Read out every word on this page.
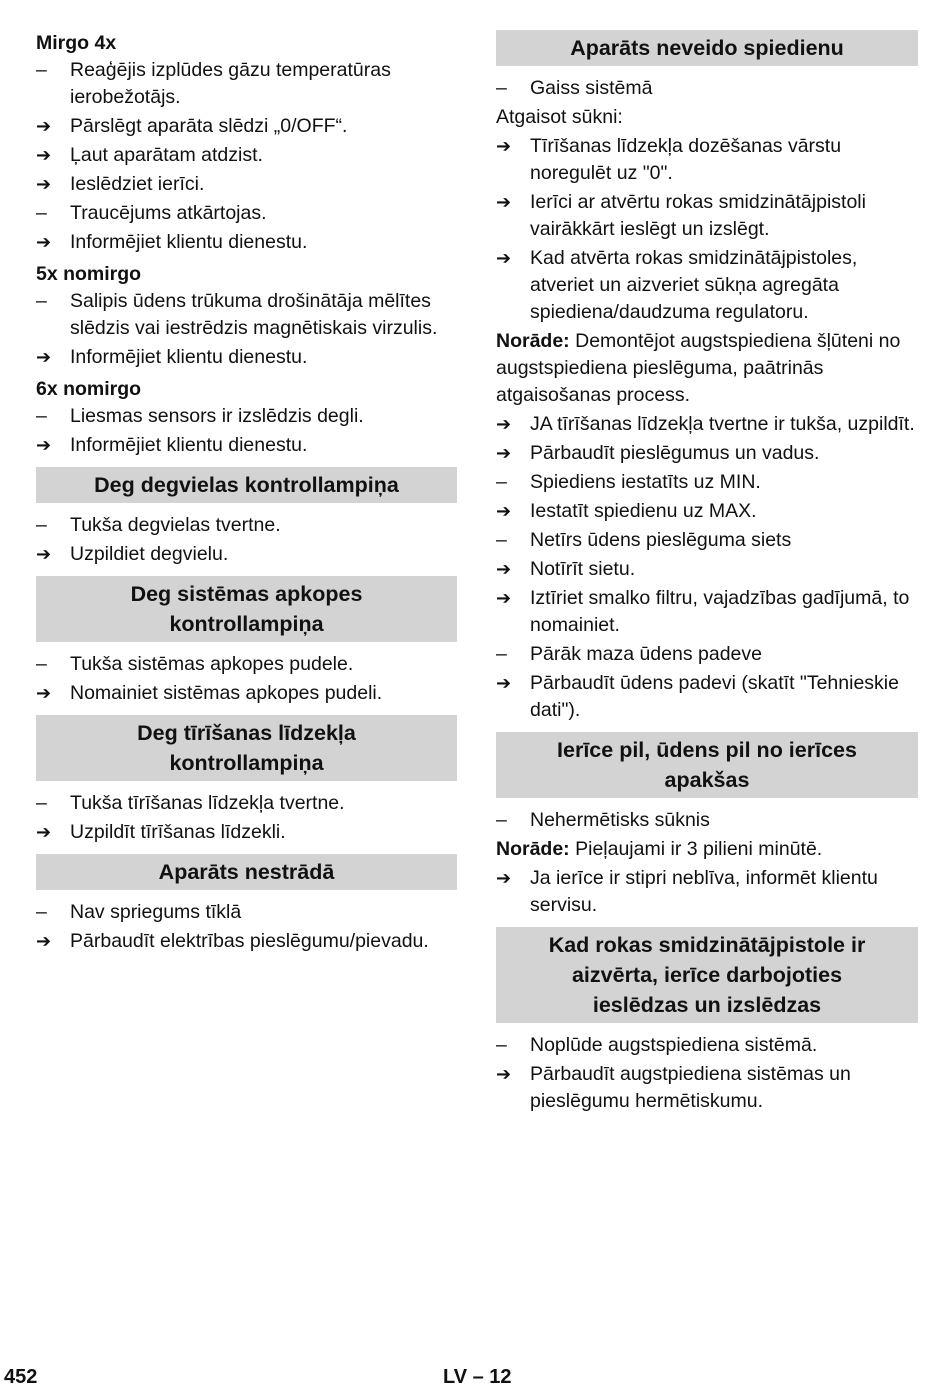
Mirgo 4x
–	Reaģējis izplūdes gāzu temperatūras ierobežotājs.
➔ Pārslēgt aparāta slēdzi „0/OFF“.
➔ Ļaut aparātam atdzist.
➔ Ieslēdziet ierīci.
–	Traucējums atkārtojas.
➔ Informējiet klientu dienestu.
5x nomirgo
–	Salipis ūdens trūkuma drošinātāja mēlītes slēdzis vai iestrēdzis magnētiskais virzulis.
➔ Informējiet klientu dienestu.
6x nomirgo
–	Liesmas sensors ir izslēdzis degli.
➔ Informējiet klientu dienestu.
Deg degvielas kontrollampiņa
–	Tukša degvielas tvertne.
➔ Uzpildiet degvielu.
Deg sistēmas apkopes
kontrollampiņa
–	Tukša sistēmas apkopes pudele.
➔ Nomainiet sistēmas apkopes pudeli.
Deg tīrīšanas līdzekļa
kontrollampiņa
–	Tukša tīrīšanas līdzekļa tvertne.
➔ Uzpildīt tīrīšanas līdzekli.
Aparāts nestrādā
–	Nav spriegums tīklā
➔ Pārbaudīt elektrības pieslēgumu/pievadu.
Aparāts neveido spiedienu
–	Gaiss sistēmā
Atgaisot sūkni:
➔ Tīrīšanas līdzekļa dozēšanas vārstu noregulēt uz "0".
➔ Ierīci ar atvērtu rokas smidzinātājpistoli vairākkārt ieslēgt un izslēgt.
➔ Kad atvērta rokas smidzinātājpistoles, atveriet un aizveriet sūkņa agregāta spiediena/daudzuma regulatoru.
Norāde: Demontējot augstspiediena šļūteni no augstspiediena pieslēguma, paātrinās atgaisošanas process.
➔ JA tīrīšanas līdzekļa tvertne ir tukša, uzpildīt.
➔ Pārbaudīt pieslēgumus un vadus.
–	Spiediens iestatīts uz MIN.
➔ Iestatīt spiedienu uz MAX.
–	Netīrs ūdens pieslēguma siets
➔ Notīrīt sietu.
➔ Iztīriet smalko filtru, vajadzības gadījumā, to nomainiet.
–	Pārāk maza ūdens padeve
➔ Pārbaudīt ūdens padevi (skatīt "Tehnieskie dati").
Ierīce pil, ūdens pil no ierīces
apakšas
–	Nehermētisks sūknis
Norāde: Pieļaujami ir 3 pilieni minūtē.
➔ Ja ierīce ir stipri neblīva, informēt klientu servisu.
Kad rokas smidzinātājpistole ir
aizvērta, ierīce darbojoties
ieslēdzas un izslēdzas
–	Noplūde augstspiediena sistēmā.
➔ Pārbaudīt augstpiediena sistēmas un pieslēgumu hermētiskumu.
452	LV – 12
